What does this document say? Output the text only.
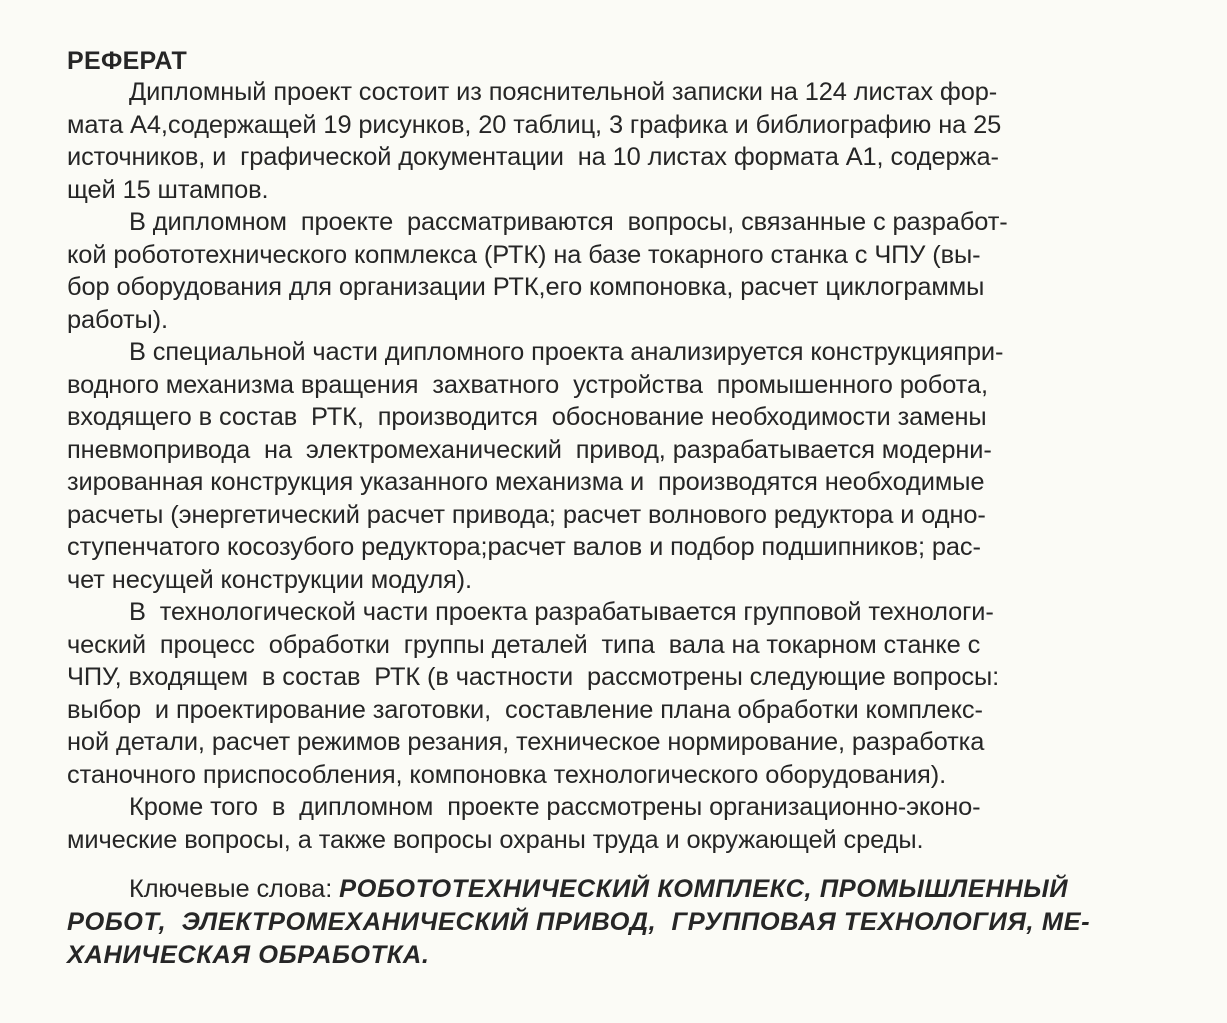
РЕФЕРАТ
Дипломный проект состоит из пояснительной записки на 124 листах фор-
мата А4,содержащей 19 рисунков, 20 таблиц, 3 графика и библиографию на 25
источников, и  графической документации  на 10 листах формата А1, содержа-
щей 15 штампов.
В дипломном  проекте  рассматриваются  вопросы, связанные с разработ-
кой робототехнического копмлекса (РТК) на базе токарного станка с ЧПУ (вы-
бор оборудования для организации РТК,его компоновка, расчет циклограммы
работы).
В специальной части дипломного проекта анализируется конструкцияпри-
водного механизма вращения  захватного  устройства  промышенного робота,
входящего в состав  РТК,  производится  обоснование необходимости замены
пневмопривода  на  электромеханический  привод, разрабатывается модерни-
зированная конструкция указанного механизма и  производятся необходимые
расчеты (энергетический расчет привода; расчет волнового редуктора и одно-
ступенчатого косозубого редуктора;расчет валов и подбор подшипников; рас-
чет несущей конструкции модуля).
В  технологической части проекта разрабатывается групповой технологи-
ческий  процесс  обработки  группы деталей  типа  вала на токарном станке с
ЧПУ, входящем  в состав  РТК (в частности  рассмотрены следующие вопросы:
выбор  и проектирование заготовки,  составление плана обработки комплекс-
ной детали, расчет режимов резания, техническое нормирование, разработка
станочного приспособления, компоновка технологического оборудования).
Кроме того  в  дипломном  проекте рассмотрены организационно-эконо-
мические вопросы, а также вопросы охраны труда и окружающей среды.
Ключевые слова: РОБОТОТЕХНИЧЕСКИЙ КОМПЛЕКС, ПРОМЫШЛЕННЫЙ
РОБОТ,  ЭЛЕКТРОМЕХАНИЧЕСКИЙ ПРИВОД,  ГРУППОВАЯ ТЕХНОЛОГИЯ, МЕ-
ХАНИЧЕСКАЯ ОБРАБОТКА.
